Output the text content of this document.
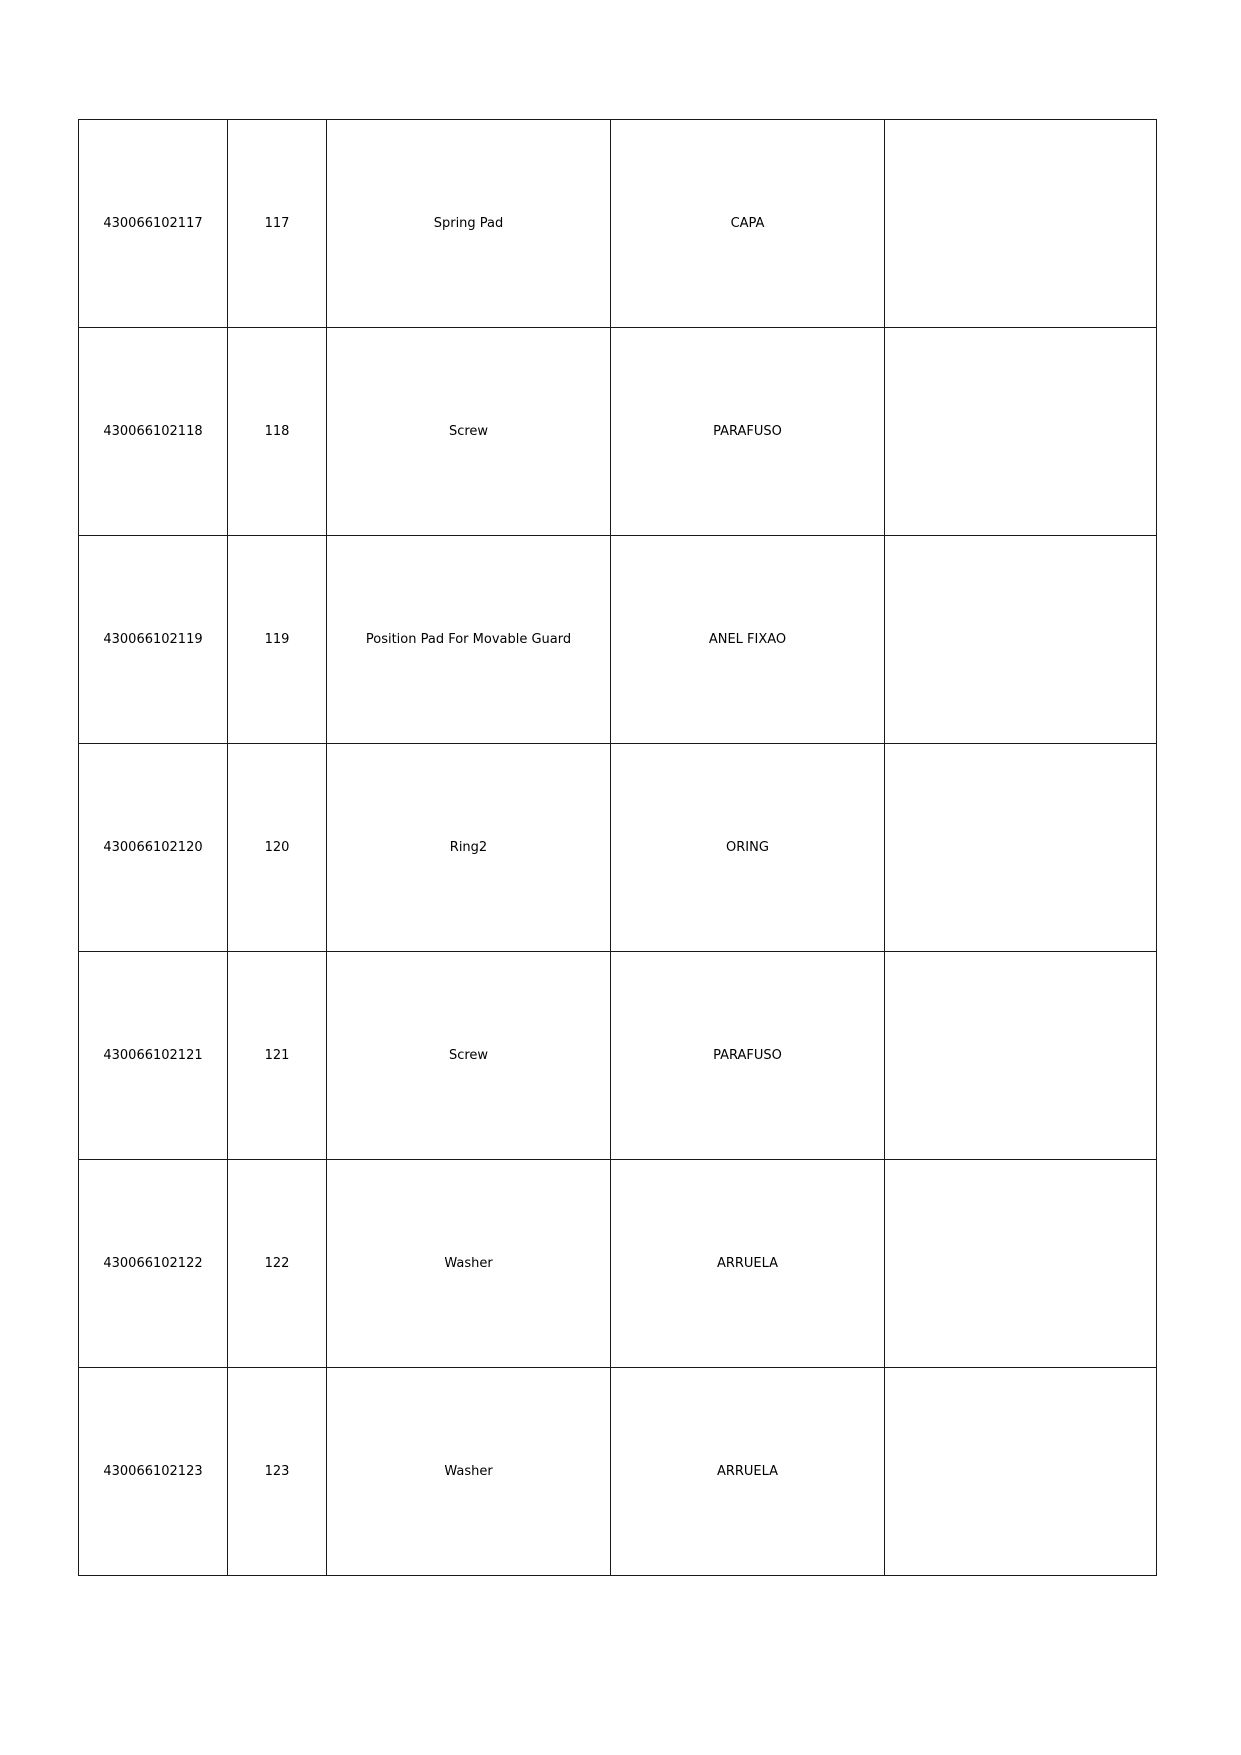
430066102117	117	Spring Pad	CAPA	
430066102118	118	Screw	PARAFUSO	
430066102119	119	Position Pad For Movable Guard	ANEL FIXAO	
430066102120	120	Ring2	ORING	
430066102121	121	Screw	PARAFUSO	
430066102122	122	Washer	ARRUELA	
430066102123	123	Washer	ARRUELA	
